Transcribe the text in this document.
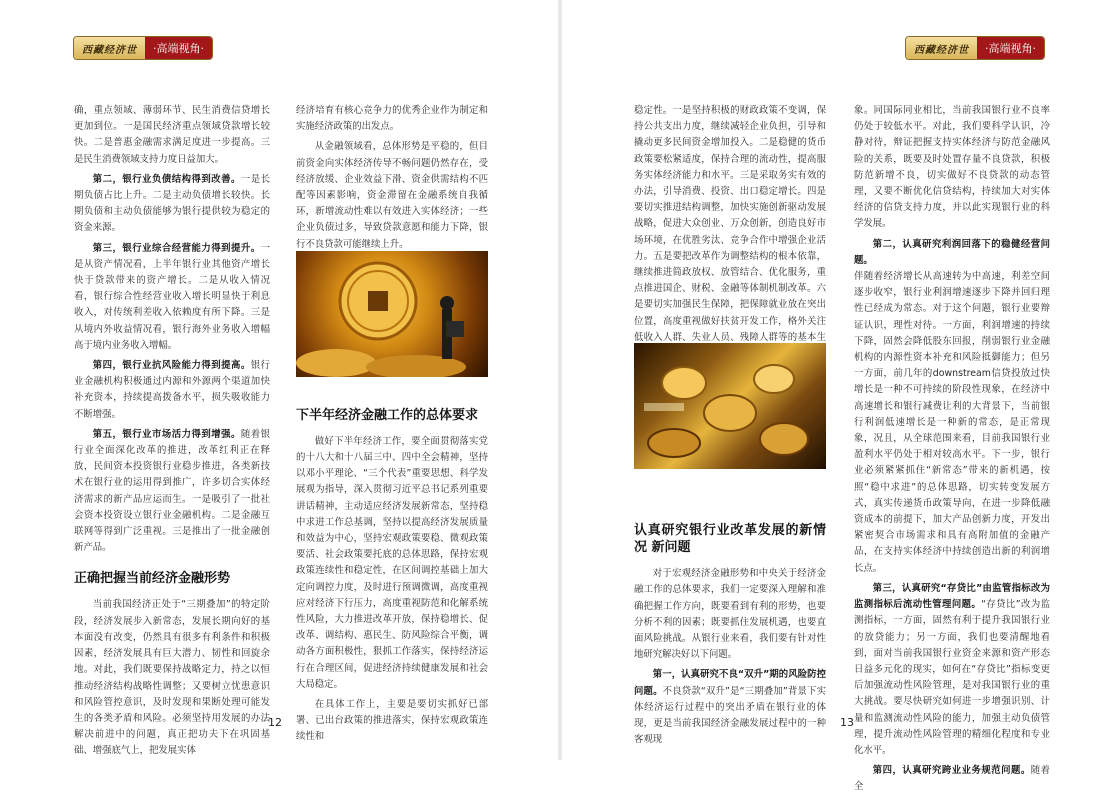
西藏经济世	·高端视角·

确，重点领域、薄弱环节、民生消费信贷增长更加到位。一是国民经济重点领域贷款增长较快。二是普惠金融需求满足度进一步提高。三是民生消费领域支持力度日益加大。

第二，银行业负债结构得到改善。一是长期负债占比上升。二是主动负债增长较快。长期负债和主动负债能够为银行提供较为稳定的资金来源。

第三，银行业综合经营能力得到提升。一是从资产情况看，上半年银行业其他资产增长快于贷款带来的资产增长。二是从收入情况看，银行综合性经营业收入增长明显快于利息收入，对传统利差收入依赖度有所下降。三是从境内外收益情况看，银行海外业务收入增幅高于境内业务收入增幅。

第四，银行业抗风险能力得到提高。银行业金融机构积极通过内源和外源两个渠道加快补充资本，持续提高拨备水平，损失吸收能力不断增强。

第五，银行业市场活力得到增强。随着银行业全面深化改革的推进，改革红利正在释放，民间资本投资银行业稳步推进，各类新技术在银行业的运用得到推广，许多切合实体经济需求的新产品应运而生。一是吸引了一批社会资本投资设立银行业金融机构。二是金融互联网等得到广泛重视。三是推出了一批金融创新产品。

正确把握当前经济金融形势

当前我国经济正处于“三期叠加”的特定阶段，经济发展步入新常态，发展长期向好的基本面没有改变，仍然具有很多有利条件和积极因素，经济发展具有巨大潜力、韧性和回旋余地。对此，我们既要保持战略定力，持之以恒推动经济结构战略性调整；又要树立忧患意识和风险管控意识，及时发现和果断处理可能发生的各类矛盾和风险。必须坚持用发展的办法解决前进中的问题，真正把功夫下在巩固基础、增强底气上，把发展实体

经济培育有核心竞争力的优秀企业作为制定和实施经济政策的出发点。

从金融领域看，总体形势是平稳的，但目前资金向实体经济传导不畅问题仍然存在，受经济放缓、企业效益下滑、资金供需结构不匹配等因素影响，资金滞留在金融系统自我循环，新增流动性难以有效进入实体经济；一些企业负债过多，导致贷款意愿和能力下降，银行不良贷款可能继续上升。

下半年经济金融工作的总体要求

做好下半年经济工作，要全面贯彻落实党的十八大和十八届三中、四中全会精神，坚持以邓小平理论、“三个代表”重要思想、科学发展观为指导，深入贯彻习近平总书记系列重要讲话精神，主动适应经济发展新常态，坚持稳中求进工作总基调，坚持以提高经济发展质量和效益为中心，坚持宏观政策要稳、微观政策要活、社会政策要托底的总体思路，保持宏观政策连续性和稳定性，在区间调控基础上加大定向调控力度，及时进行预调微调，高度重视应对经济下行压力，高度重视防范和化解系统性风险，大力推进改革开放，保持稳增长、促改革、调结构、惠民生、防风险综合平衡，调动各方面积极性，狠抓工作落实，保持经济运行在合理区间，促进经济持续健康发展和社会大局稳定。

在具体工作上，主要是要切实抓好已部署、已出台政策的推进落实，保持宏观政策连续性和

12
西藏经济世	·高端视角·

稳定性。一是坚持积极的财政政策不变调，保持公共支出力度，继续减轻企业负担，引导和撬动更多民间资金增加投入。二是稳健的货币政策要松紧适度，保持合理的流动性，提高服务实体经济能力和水平。三是采取务实有效的办法，引导消费、投资、出口稳定增长。四是要切实推进结构调整，加快实施创新驱动发展战略，促进大众创业、万众创新，创造良好市场环境，在优胜劣汰、竞争合作中增强企业活力。五是要把改革作为调整结构的根本依靠，继续推进简政放权、放管结合、优化服务，重点推进国企、财税、金融等体制机制改革。六是要切实加强民生保障，把保障就业放在突出位置，高度重视做好扶贫开发工作，格外关注低收入人群、失业人员、残障人群等的基本生

认真研究银行业改革发展的新情况 新问题

对于宏观经济金融形势和中央关于经济金融工作的总体要求，我们一定要深入理解和准确把握工作方向，既要看到有利的形势，也要分析不利的因素；既要抓住发展机遇，也要直面风险挑战。从银行业来看，我们要有针对性地研究解决好以下问题。

第一，认真研究不良“双升”期的风险防控问题。不良贷款“双升”是“三期叠加”背景下实体经济运行过程中的突出矛盾在银行业的体现，更是当前我国经济金融发展过程中的一种客观现

象。同国际同业相比，当前我国银行业不良率仍处于较低水平。对此，我们要科学认识，冷静对待，辩证把握支持实体经济与防范金融风险的关系，既要及时处置存量不良贷款，积极防范新增不良，切实做好不良贷款的动态管理，又要不断优化信贷结构，持续加大对实体经济的信贷支持力度，并以此实现银行业的科学发展。

第二，认真研究利润回落下的稳健经营问题。

伴随着经济增长从高速转为中高速，利差空间逐步收窄，银行业利润增速逐步下降并回归理性已经成为常态。对于这个问题，银行业要辩证认识，理性对待。一方面，利润增速的持续下降，固然会降低股东回报，削弱银行业金融机构的内源性资本补充和风险抵御能力；但另一方面，前几年的downstream信贷投放过快增长是一种不可持续的阶段性现象，在经济中高速增长和银行减费让利的大背景下，当前银行利润低速增长是一种新的常态，是正常现象，况且，从全球范围来看，目前我国银行业盈利水平仍处于相对较高水平。下一步，银行业必须紧紧抓住“新常态”带来的新机遇，按照“稳中求进”的总体思路，切实转变发展方式，真实传递货币政策导向，在进一步降低融资成本的前提下，加大产品创新力度，开发出紧密契合市场需求和具有高附加值的金融产品，在支持实体经济中持续创造出新的利润增长点。

第三，认真研究“存贷比”由监管指标改为监测指标后流动性管理问题。“存贷比”改为监测指标，一方面，固然有利于提升我国银行业的放贷能力；另一方面，我们也要清醒地看到，面对当前我国银行业资金来源和资产形态日益多元化的现实，如何在“存贷比”指标变更后加强流动性风险管理，是对我国银行业的重大挑战。要尽快研究如何进一步增强识别、计量和监测流动性风险的能力，加强主动负债管理，提升流动性风险管理的精细化程度和专业化水平。

第四，认真研究跨业业务规范问题。随着全

13
